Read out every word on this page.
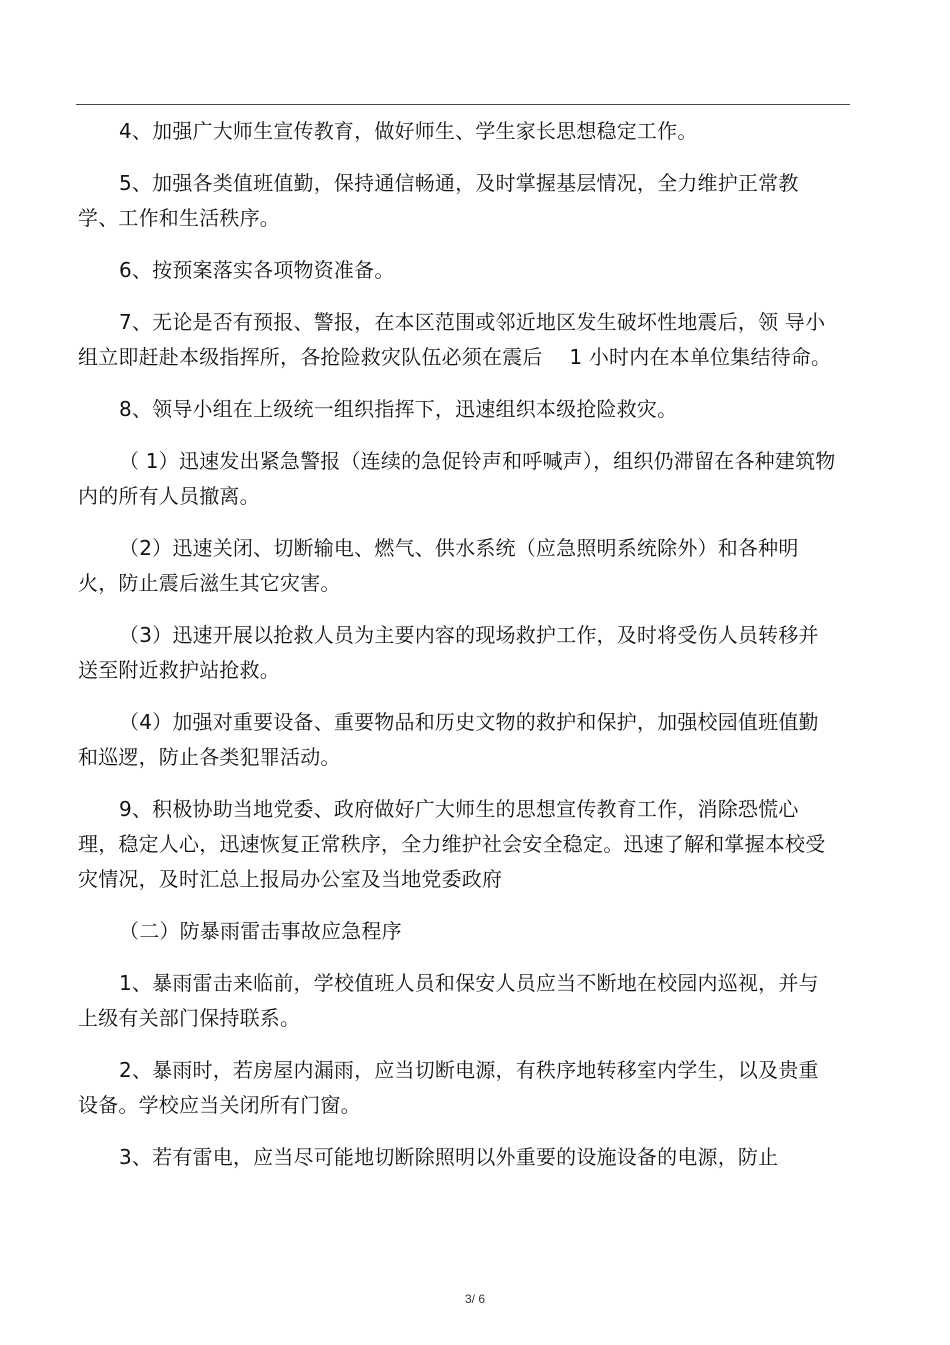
4、加强广大师生宣传教育，做好师生、学生家长思想稳定工作。

5、加强各类值班值勤，保持通信畅通，及时掌握基层情况，全力维护正常教学、工作和生活秩序。

6、按预案落实各项物资准备。

7、无论是否有预报、警报，在本区范围或邻近地区发生破坏性地震后，领 导小组立即赶赴本级指挥所，各抢险救灾队伍必须在震后　 1 小时内在本单位集结待命。

8、领导小组在上级统一组织指挥下，迅速组织本级抢险救灾。

（ 1）迅速发出紧急警报（连续的急促铃声和呼喊声），组织仍滞留在各种建筑物内的所有人员撤离。

（2）迅速关闭、切断输电、燃气、供水系统（应急照明系统除外）和各种明火，防止震后滋生其它灾害。

（3）迅速开展以抢救人员为主要内容的现场救护工作，及时将受伤人员转移并送至附近救护站抢救。

（4）加强对重要设备、重要物品和历史文物的救护和保护，加强校园值班值勤和巡逻，防止各类犯罪活动。

9、积极协助当地党委、政府做好广大师生的思想宣传教育工作，消除恐慌心理，稳定人心，迅速恢复正常秩序，全力维护社会安全稳定。迅速了解和掌握本校受灾情况，及时汇总上报局办公室及当地党委政府

（二）防暴雨雷击事故应急程序

1、暴雨雷击来临前，学校值班人员和保安人员应当不断地在校园内巡视，并与上级有关部门保持联系。

2、暴雨时，若房屋内漏雨，应当切断电源，有秩序地转移室内学生，以及贵重设备。学校应当关闭所有门窗。

3、若有雷电，应当尽可能地切断除照明以外重要的设施设备的电源，防止

3/ 6
